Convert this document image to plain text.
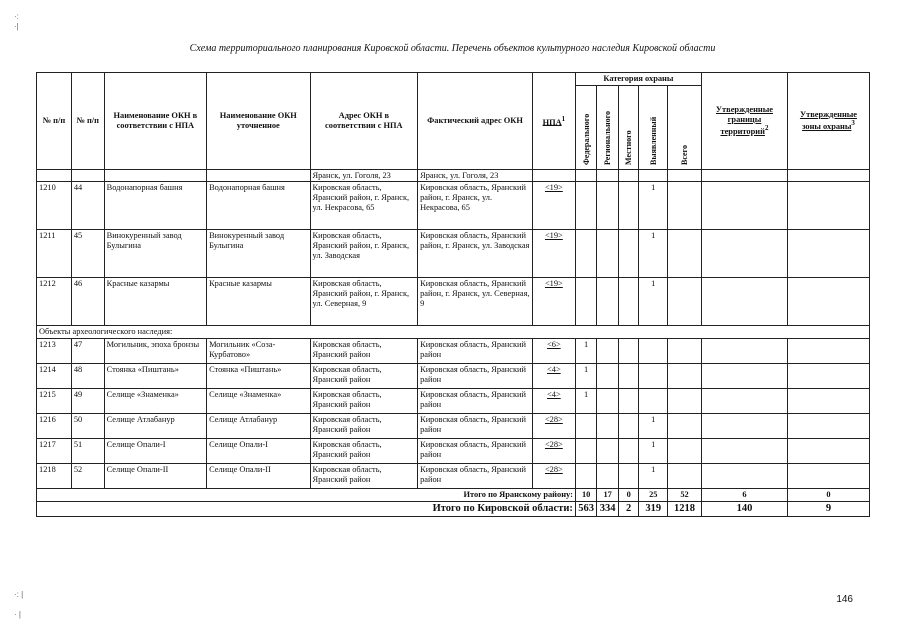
Схема территориального планирования Кировской области. Перечень объектов культурного наследия Кировской области
№ п/п	№ п/п	Наименование ОКН в соответствии с НПА	Наименование ОКН уточненное	Адрес ОКН в соответствии с НПА	Фактический адрес ОКН	НПА$^1$	Категория охраны					Утвержденные границы территорий$^2$	Утвержденные зоны охраны$^3$
							Федерального	Регионального	Местного	Выявленный	Всего		
				Яранск, ул. Гоголя, 23	Яранск, ул. Гоголя, 23								
1210	44	Водонапорная башня	Водонапорная башня	Кировская область, Яранский район, г. Яранск, ул. Некрасова, 65	Кировская область, Яранский район, г. Яранск, ул. Некрасова, 65	<19>				1			
1211	45	Винокуренный завод Булыгина	Винокуренный завод Булыгина	Кировская область, Яранский район, г. Яранск, ул. Заводская	Кировская область, Яранский район, г. Яранск, ул. Заводская	<19>				1			
1212	46	Красные казармы	Красные казармы	Кировская область, Яранский район, г. Яранск, ул. Северная, 9	Кировская область, Яранский район, г. Яранск, ул. Северная, 9	<19>				1			
Объекты археологического наследия:													
1213	47	Могильник, эпоха бронзы	Могильник «Соза-Курбатово»	Кировская область, Яранский район	Кировская область, Яранский район	<6>	1						
1214	48	Стоянка «Пиштань»	Стоянка «Пиштань»	Кировская область, Яранский район	Кировская область, Яранский район	<4>	1						
1215	49	Селище «Знаменка»	Селище «Знаменка»	Кировская область, Яранский район	Кировская область, Яранский район	<4>	1						
1216	50	Селище Атлабанур	Селище Атлабанур	Кировская область, Яранский район	Кировская область, Яранский район	<28>				1			
1217	51	Селище Опали-I	Селище Опали-I	Кировская область, Яранский район	Кировская область, Яранский район	<28>				1			
1218	52	Селище Опали-II	Селище Опали-II	Кировская область, Яранский район	Кировская область, Яранский район	<28>				1			
Итого по Яранскому району:							10	17	0	25	52	6	0
Итого по Кировской области:							563	334	2	319	1218	140	9
146
·:
·|
·: |
· |
